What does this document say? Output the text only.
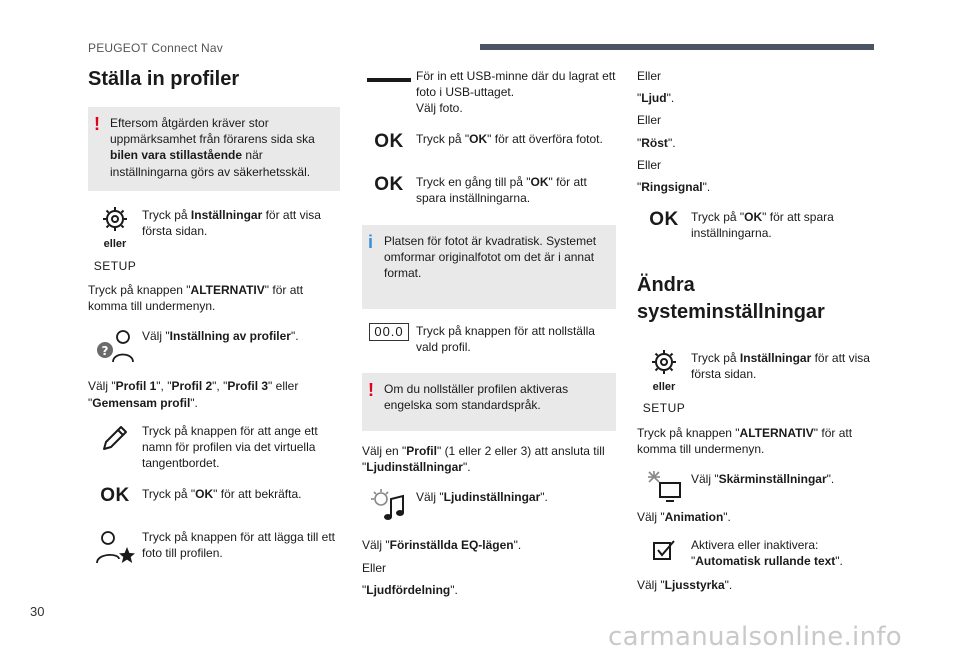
PEUGEOT Connect Nav
Ställa in profiler
! Eftersom åtgärden kräver stor uppmärksamhet från förarens sida ska bilen vara stillastående när inställningarna görs av säkerhetsskäl.
eller
SETUP
Tryck på Inställningar för att visa första sidan.

Tryck på knappen "ALTERNATIV" för att komma till undermenyn.

?
Välj "Inställning av profiler".

Välj "Profil 1", "Profil 2", "Profil 3" eller "Gemensam profil".

Tryck på knappen för att ange ett namn för profilen via det virtuella tangentbordet.
OK Tryck på "OK" för att bekräfta.
Tryck på knappen för att lägga till ett foto till profilen.
För in ett USB-minne där du lagrat ett foto i USB-uttaget.
Välj foto.
OK Tryck på "OK" för att överföra fotot.
OK Tryck en gång till på "OK" för att spara inställningarna.
i Platsen för fotot är kvadratisk. Systemet omformar originalfotot om det är i annat format.
00.0	Tryck på knappen för att nollställa vald profil.
! Om du nollställer profilen aktiveras engelska som standardspråk.

Välj en "Profil" (1 eller 2 eller 3) att ansluta till "Ljudinställningar".

Välj "Ljudinställningar".

Välj "Förinställda EQ-lägen".

Eller

"Ljudfördelning".

Eller

"Ljud".

Eller

"Röst".

Eller

"Ringsignal".

OK Tryck på "OK" för att spara inställningarna.
Ändra systeminställningar
eller
SETUP
Tryck på Inställningar för att visa första sidan.

Tryck på knappen "ALTERNATIV" för att komma till undermenyn.

Välj "Skärminställningar".

Välj "Animation".

Aktivera eller inaktivera:
"Automatisk rullande text".

Välj "Ljusstyrka".

30
carmanualsonline.info
